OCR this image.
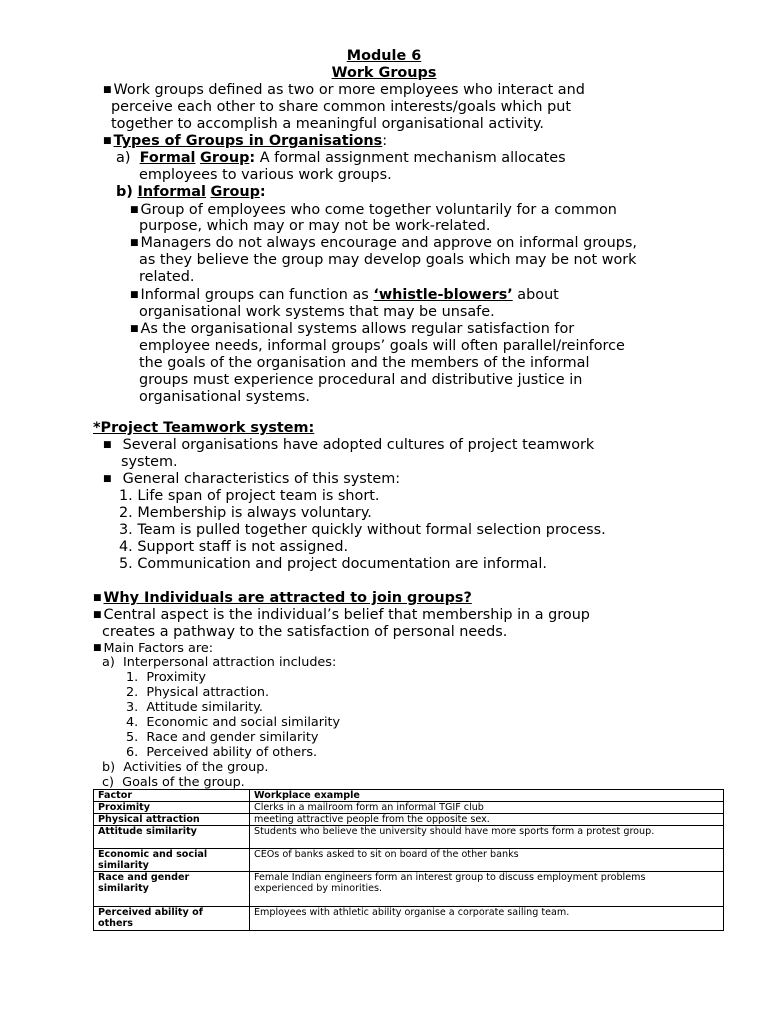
Module 6
Work Groups
■ Work groups defined as two or more employees who interact and
perceive each other to share common interests/goals which put
together to accomplish a meaningful organisational activity.
■ Types of Groups in Organisations:
a) Formal Group: A formal assignment mechanism allocates
employees to various work groups.
b) Informal Group:
■ Group of employees who come together voluntarily for a common
purpose, which may or may not be work-related.
■ Managers do not always encourage and approve on informal groups,
as they believe the group may develop goals which may be not work
related.
■ Informal groups can function as ‘whistle-blowers’ about
organisational work systems that may be unsafe.
■ As the organisational systems allows regular satisfaction for
employee needs, informal groups’ goals will often parallel/reinforce
the goals of the organisation and the members of the informal
groups must experience procedural and distributive justice in
organisational systems.
*Project Teamwork system:
■ Several organisations have adopted cultures of project teamwork
system.
■ General characteristics of this system:
1. Life span of project team is short.
2. Membership is always voluntary.
3. Team is pulled together quickly without formal selection process.
4. Support staff is not assigned.
5. Communication and project documentation are informal.
■ Why Individuals are attracted to join groups?
■ Central aspect is the individual’s belief that membership in a group
creates a pathway to the satisfaction of personal needs.
■ Main Factors are:
a)  Interpersonal attraction includes:
1.  Proximity
2.  Physical attraction.
3.  Attitude similarity.
4.  Economic and social similarity
5.  Race and gender similarity
6.  Perceived ability of others.
b)  Activities of the group.
c)  Goals of the group.
Factor	Workplace example
Proximity	Clerks in a mailroom form an informal TGIF club
Physical attraction	meeting attractive people from the opposite sex.
Attitude similarity	Students who believe the university should have more sports form a protest group.
Economic and social
similarity	CEOs of banks asked to sit on board of the other banks
Race and gender
similarity	Female Indian engineers form an interest group to discuss employment problems
experienced by minorities.
Perceived ability of
others	Employees with athletic ability organise a corporate sailing team.
